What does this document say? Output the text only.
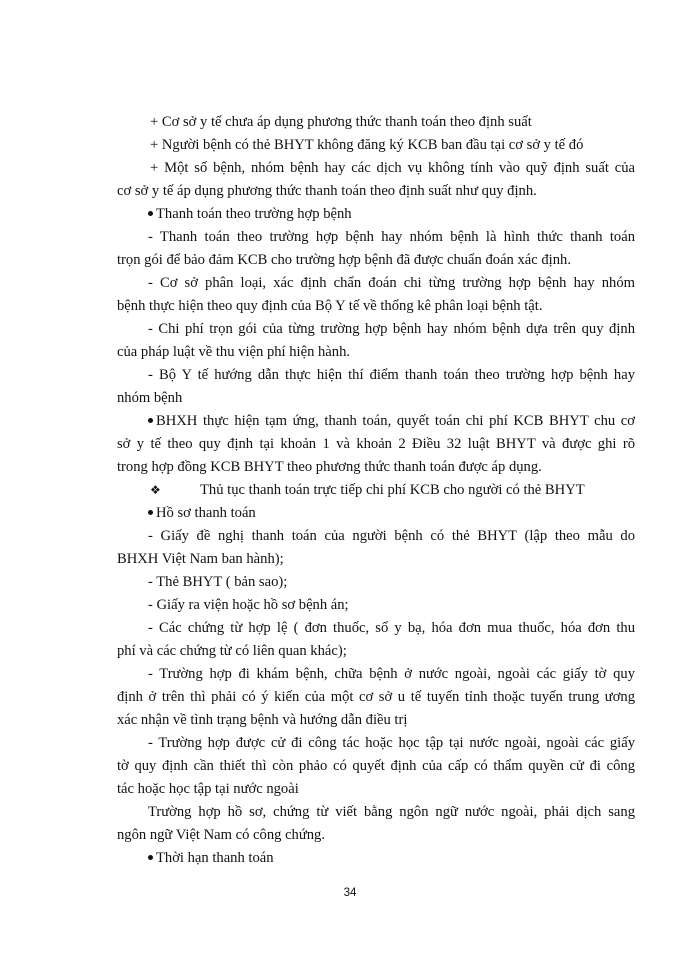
+ Cơ sở y tế chưa áp dụng phương thức thanh toán theo định suất
+ Người bệnh có thẻ BHYT không đăng ký KCB ban đầu tại cơ sở y tế đó
+ Một số bệnh, nhóm bệnh hay các dịch vụ không tính vào quỹ định suất của
cơ sở y tế áp dụng phương thức thanh toán theo định suất như quy định.
Thanh toán theo trường hợp bệnh
- Thanh toán theo trường hợp bệnh hay nhóm bệnh là hình thức thanh toán
trọn gói để bảo đảm KCB cho trường hợp bệnh đã được chuẩn đoán xác định.
- Cơ sở phân loại, xác định chẩn đoán chi từng trường hợp bệnh hay nhóm
bệnh thực hiện theo quy định của Bộ Y tế về thống kê phân loại bệnh tật.
- Chi phí trọn gói của từng trường hợp bệnh hay nhóm bệnh dựa trên quy định
của pháp luật về thu viện phí hiện hành.
- Bộ Y tế hướng dẫn thực hiện thí điểm thanh toán theo trường hợp bệnh hay
nhóm bệnh
BHXH thực hiện tạm ứng, thanh toán, quyết toán chi phí KCB BHYT chu cơ
sở y tế theo quy định tại khoản 1 và khoản 2 Điều 32 luật BHYT và được ghi rõ
trong hợp đồng KCB BHYT theo phương thức thanh toán được áp dụng.
❖	Thủ tục thanh toán trực tiếp chi phí KCB cho người có thẻ BHYT
Hồ sơ thanh toán
- Giấy đề nghị thanh toán của người bệnh có thẻ BHYT (lập theo mẫu do
BHXH Việt Nam ban hành);
- Thẻ BHYT ( bản sao);
- Giấy ra viện hoặc hồ sơ bệnh án;
- Các chứng từ hợp lệ ( đơn thuốc, sổ y bạ, hóa đơn mua thuốc, hóa đơn thu
phí và các chứng từ có liên quan khác);
- Trường hợp đi khám bệnh, chữa bệnh ở nước ngoài, ngoài các giấy tờ quy
định ở trên thì phải có ý kiến của một cơ sở u tế tuyến tỉnh thoặc tuyến trung ương
xác nhận về tình trạng bệnh và hướng dẫn điều trị
- Trường hợp được cử đi công tác hoặc học tập tại nước ngoài, ngoài các giấy
tờ quy định cần thiết thì còn phảo có quyết định của cấp có thẩm quyền cử đi công
tác hoặc học tập tại nước ngoài
Trường hợp hồ sơ, chứng từ viết bằng ngôn ngữ nước ngoài, phải dịch sang
ngôn ngữ Việt Nam có công chứng.
Thời hạn thanh toán
34
